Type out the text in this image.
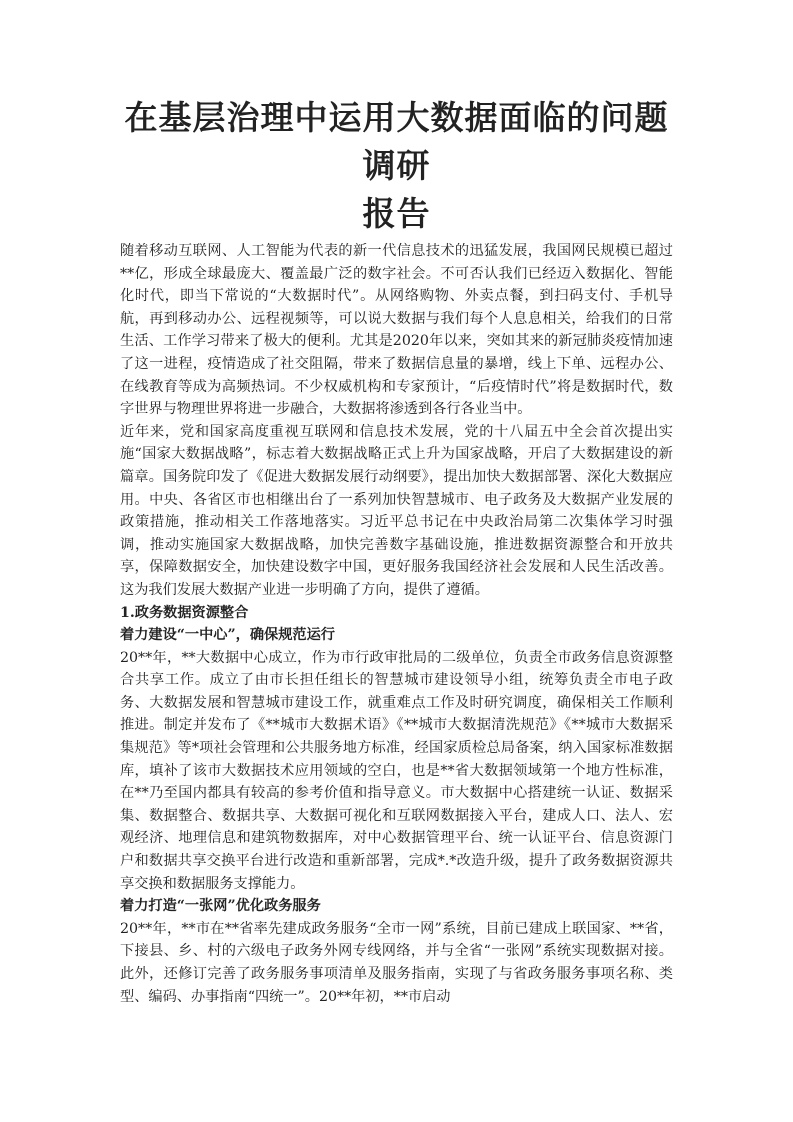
在基层治理中运用大数据面临的问题调研
报告

随着移动互联网、人工智能为代表的新一代信息技术的迅猛发展，我国网民规模已超过**亿，形成全球最庞大、覆盖最广泛的数字社会。不可否认我们已经迈入数据化、智能化时代，即当下常说的“大数据时代”。从网络购物、外卖点餐，到扫码支付、手机导航，再到移动办公、远程视频等，可以说大数据与我们每个人息息相关，给我们的日常生活、工作学习带来了极大的便利。尤其是2020年以来，突如其来的新冠肺炎疫情加速了这一进程，疫情造成了社交阻隔，带来了数据信息量的暴增，线上下单、远程办公、在线教育等成为高频热词。不少权威机构和专家预计，“后疫情时代”将是数据时代，数字世界与物理世界将进一步融合，大数据将渗透到各行各业当中。

近年来，党和国家高度重视互联网和信息技术发展，党的十八届五中全会首次提出实施“国家大数据战略”，标志着大数据战略正式上升为国家战略，开启了大数据建设的新篇章。国务院印发了《促进大数据发展行动纲要》，提出加快大数据部署、深化大数据应用。中央、各省区市也相继出台了一系列加快智慧城市、电子政务及大数据产业发展的政策措施，推动相关工作落地落实。习近平总书记在中央政治局第二次集体学习时强调，推动实施国家大数据战略，加快完善数字基础设施，推进数据资源整合和开放共享，保障数据安全，加快建设数字中国，更好服务我国经济社会发展和人民生活改善。这为我们发展大数据产业进一步明确了方向，提供了遵循。

1.政务数据资源整合

着力建设“一中心”，确保规范运行

20**年，**大数据中心成立，作为市行政审批局的二级单位，负责全市政务信息资源整合共享工作。成立了由市长担任组长的智慧城市建设领导小组，统筹负责全市电子政务、大数据发展和智慧城市建设工作，就重难点工作及时研究调度，确保相关工作顺利推进。制定并发布了《**城市大数据术语》《**城市大数据清洗规范》《**城市大数据采集规范》等*项社会管理和公共服务地方标准，经国家质检总局备案，纳入国家标准数据库，填补了该市大数据技术应用领域的空白，也是**省大数据领域第一个地方性标准，在**乃至国内都具有较高的参考价值和指导意义。市大数据中心搭建统一认证、数据采集、数据整合、数据共享、大数据可视化和互联网数据接入平台，建成人口、法人、宏观经济、地理信息和建筑物数据库，对中心数据管理平台、统一认证平台、信息资源门户和数据共享交换平台进行改造和重新部署，完成*.*改造升级，提升了政务数据资源共享交换和数据服务支撑能力。

着力打造“一张网”优化政务服务

20**年，**市在**省率先建成政务服务“全市一网”系统，目前已建成上联国家、**省，下接县、乡、村的六级电子政务外网专线网络，并与全省“一张网”系统实现数据对接。此外，还修订完善了政务服务事项清单及服务指南，实现了与省政务服务事项名称、类型、编码、办事指南“四统一”。20**年初，**市启动
